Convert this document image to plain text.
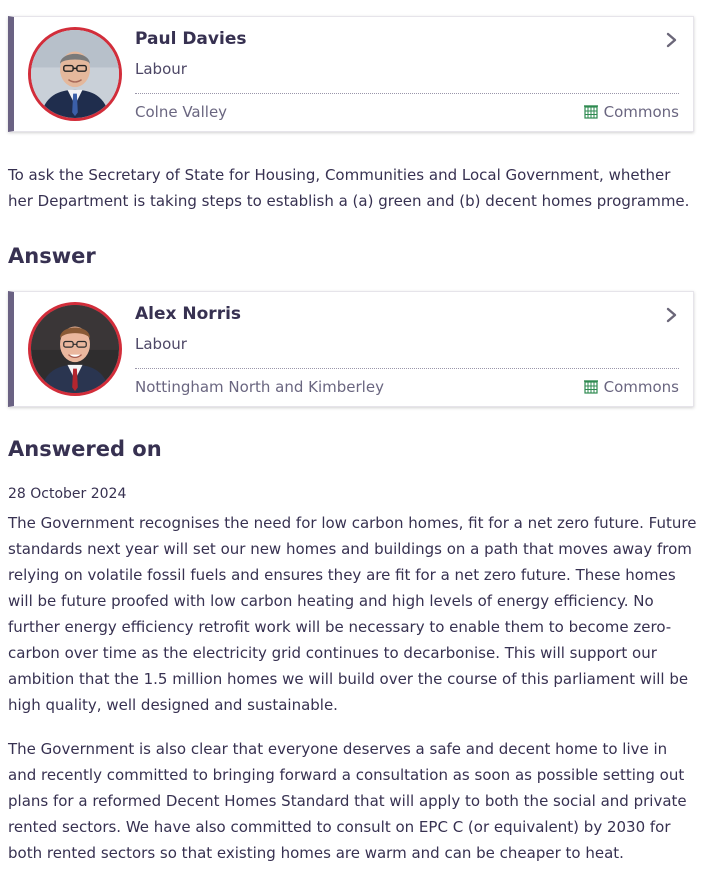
Paul Davies
Labour
Colne Valley	Commons
To ask the Secretary of State for Housing, Communities and Local Government, whether her Department is taking steps to establish a (a) green and (b) decent homes programme.
Answer
Alex Norris
Labour
Nottingham North and Kimberley	Commons
Answered on
28 October 2024

The Government recognises the need for low carbon homes, fit for a net zero future. Future standards next year will set our new homes and buildings on a path that moves away from relying on volatile fossil fuels and ensures they are fit for a net zero future. These homes will be future proofed with low carbon heating and high levels of energy efficiency. No further energy efficiency retrofit work will be necessary to enable them to become zero-carbon over time as the electricity grid continues to decarbonise. This will support our ambition that the 1.5 million homes we will build over the course of this parliament will be high quality, well designed and sustainable.

The Government is also clear that everyone deserves a safe and decent home to live in and recently committed to bringing forward a consultation as soon as possible setting out plans for a reformed Decent Homes Standard that will apply to both the social and private rented sectors. We have also committed to consult on EPC C (or equivalent) by 2030 for both rented sectors so that existing homes are warm and can be cheaper to heat.
